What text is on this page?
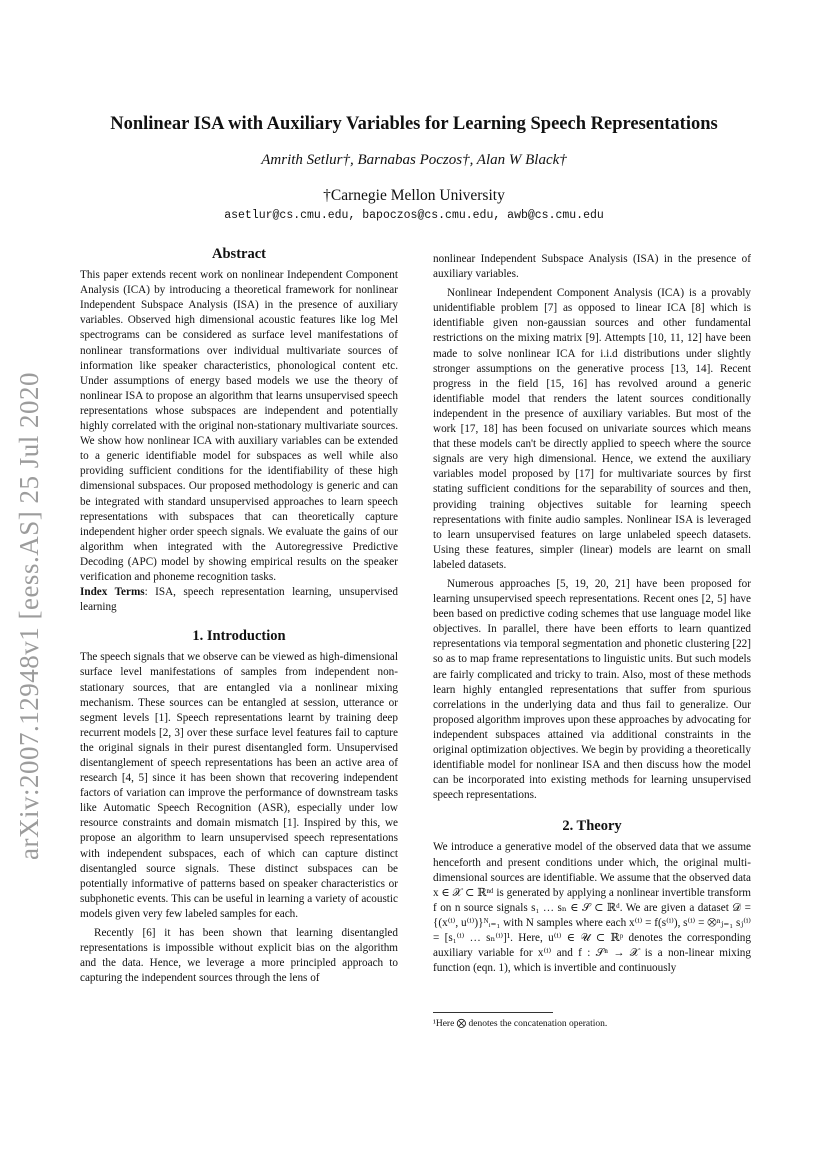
arXiv:2007.12948v1 [eess.AS] 25 Jul 2020
Nonlinear ISA with Auxiliary Variables for Learning Speech Representations
Amrith Setlur†, Barnabas Poczos†, Alan W Black†
†Carnegie Mellon University
asetlur@cs.cmu.edu, bapoczos@cs.cmu.edu, awb@cs.cmu.edu
Abstract

This paper extends recent work on nonlinear Independent Component Analysis (ICA) by introducing a theoretical framework for nonlinear Independent Subspace Analysis (ISA) in the presence of auxiliary variables. Observed high dimensional acoustic features like log Mel spectrograms can be considered as surface level manifestations of nonlinear transformations over individual multivariate sources of information like speaker characteristics, phonological content etc. Under assumptions of energy based models we use the theory of nonlinear ISA to propose an algorithm that learns unsupervised speech representations whose subspaces are independent and potentially highly correlated with the original non-stationary multivariate sources. We show how nonlinear ICA with auxiliary variables can be extended to a generic identifiable model for subspaces as well while also providing sufficient conditions for the identifiability of these high dimensional subspaces. Our proposed methodology is generic and can be integrated with standard unsupervised approaches to learn speech representations with subspaces that can theoretically capture independent higher order speech signals. We evaluate the gains of our algorithm when integrated with the Autoregressive Predictive Decoding (APC) model by showing empirical results on the speaker verification and phoneme recognition tasks.

Index Terms: ISA, speech representation learning, unsupervised learning

1. Introduction

The speech signals that we observe can be viewed as high-dimensional surface level manifestations of samples from independent non-stationary sources, that are entangled via a nonlinear mixing mechanism. These sources can be entangled at session, utterance or segment levels [1]. Speech representations learnt by training deep recurrent models [2, 3] over these surface level features fail to capture the original signals in their purest disentangled form. Unsupervised disentanglement of speech representations has been an active area of research [4, 5] since it has been shown that recovering independent factors of variation can improve the performance of downstream tasks like Automatic Speech Recognition (ASR), especially under low resource constraints and domain mismatch [1]. Inspired by this, we propose an algorithm to learn unsupervised speech representations with independent subspaces, each of which can capture distinct disentangled source signals. These distinct subspaces can be potentially informative of patterns based on speaker characteristics or subphonetic events. This can be useful in learning a variety of acoustic models given very few labeled samples for each.

Recently [6] it has been shown that learning disentangled representations is impossible without explicit bias on the algorithm and the data. Hence, we leverage a more principled approach to capturing the independent sources through the lens of

nonlinear Independent Subspace Analysis (ISA) in the presence of auxiliary variables.

Nonlinear Independent Component Analysis (ICA) is a provably unidentifiable problem [7] as opposed to linear ICA [8] which is identifiable given non-gaussian sources and other fundamental restrictions on the mixing matrix [9]. Attempts [10, 11, 12] have been made to solve nonlinear ICA for i.i.d distributions under slightly stronger assumptions on the generative process [13, 14]. Recent progress in the field [15, 16] has revolved around a generic identifiable model that renders the latent sources conditionally independent in the presence of auxiliary variables. But most of the work [17, 18] has been focused on univariate sources which means that these models can't be directly applied to speech where the source signals are very high dimensional. Hence, we extend the auxiliary variables model proposed by [17] for multivariate sources by first stating sufficient conditions for the separability of sources and then, providing training objectives suitable for learning speech representations with finite audio samples. Nonlinear ISA is leveraged to learn unsupervised features on large unlabeled speech datasets. Using these features, simpler (linear) models are learnt on small labeled datasets.

Numerous approaches [5, 19, 20, 21] have been proposed for learning unsupervised speech representations. Recent ones [2, 5] have been based on predictive coding schemes that use language model like objectives. In parallel, there have been efforts to learn quantized representations via temporal segmentation and phonetic clustering [22] so as to map frame representations to linguistic units. But such models are fairly complicated and tricky to train. Also, most of these methods learn highly entangled representations that suffer from spurious correlations in the underlying data and thus fail to generalize. Our proposed algorithm improves upon these approaches by advocating for independent subspaces attained via additional constraints in the original optimization objectives. We begin by providing a theoretically identifiable model for nonlinear ISA and then discuss how the model can be incorporated into existing methods for learning unsupervised speech representations.

2. Theory

We introduce a generative model of the observed data that we assume henceforth and present conditions under which, the original multi-dimensional sources are identifiable. We assume that the observed data x ∈ 𝒳 ⊂ ℝⁿᵈ is generated by applying a nonlinear invertible transform f on n source signals s₁ … sₙ ∈ 𝒮 ⊂ ℝᵈ. We are given a dataset 𝒟 = {(x⁽ⁱ⁾, u⁽ⁱ⁾)}ᴺᵢ₌₁ with N samples where each x⁽ⁱ⁾ = f(s⁽ⁱ⁾), s⁽ⁱ⁾ = ⨂ⁿⱼ₌₁ sⱼ⁽ⁱ⁾ = [s₁⁽ⁱ⁾ … sₙ⁽ⁱ⁾]¹. Here, u⁽ⁱ⁾ ∈ 𝒰 ⊂ ℝᵖ denotes the corresponding auxiliary variable for x⁽ⁱ⁾ and f : 𝒮ⁿ → 𝒳 is a non-linear mixing function (eqn. 1), which is invertible and continuously

¹Here ⨂ denotes the concatenation operation.
